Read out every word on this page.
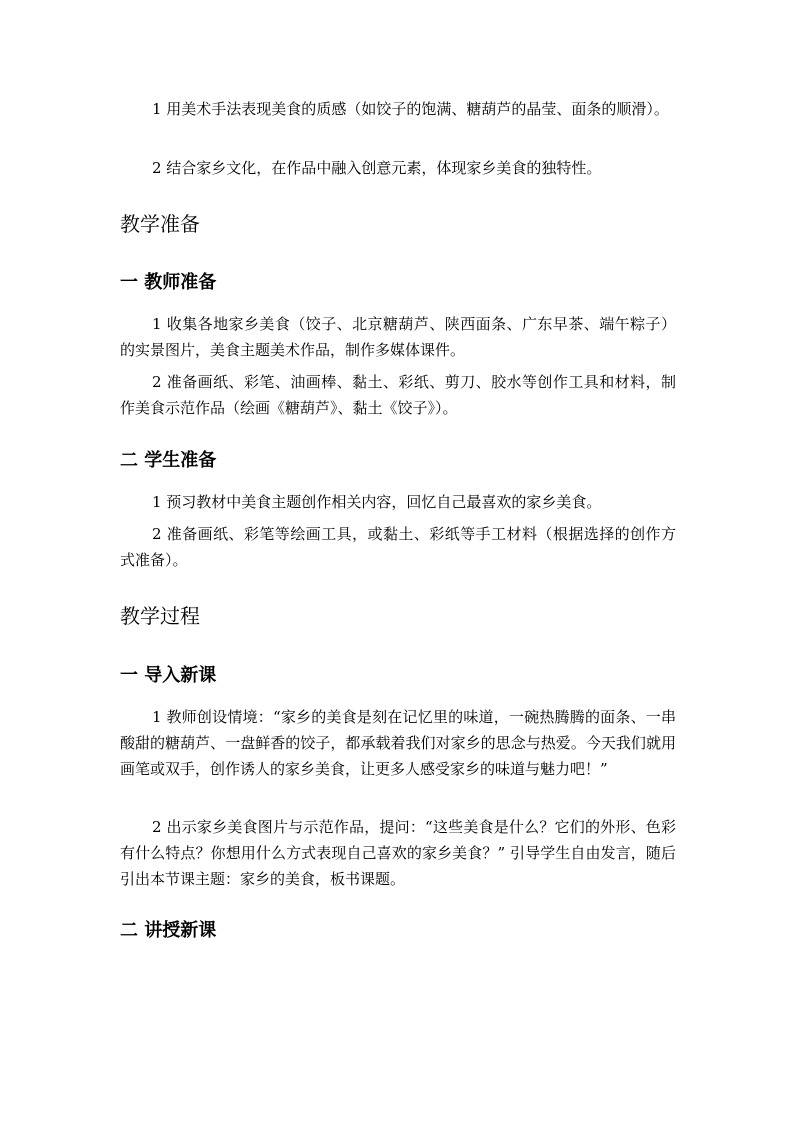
1 用美术手法表现美食的质感（如饺子的饱满、糖葫芦的晶莹、面条的顺滑）。

2 结合家乡文化，在作品中融入创意元素，体现家乡美食的独特性。

教学准备
一 教师准备

1 收集各地家乡美食（饺子、北京糖葫芦、陕西面条、广东早茶、端午粽子）的实景图片，美食主题美术作品，制作多媒体课件。

2 准备画纸、彩笔、油画棒、黏土、彩纸、剪刀、胶水等创作工具和材料，制作美食示范作品（绘画《糖葫芦》、黏土《饺子》）。

二 学生准备

1 预习教材中美食主题创作相关内容，回忆自己最喜欢的家乡美食。

2 准备画纸、彩笔等绘画工具，或黏土、彩纸等手工材料（根据选择的创作方式准备）。

教学过程
一 导入新课

1 教师创设情境：“家乡的美食是刻在记忆里的味道，一碗热腾腾的面条、一串酸甜的糖葫芦、一盘鲜香的饺子，都承载着我们对家乡的思念与热爱。今天我们就用画笔或双手，创作诱人的家乡美食，让更多人感受家乡的味道与魅力吧！”

2 出示家乡美食图片与示范作品，提问：“这些美食是什么？它们的外形、色彩有什么特点？你想用什么方式表现自己喜欢的家乡美食？” 引导学生自由发言，随后引出本节课主题：家乡的美食，板书课题。

二 讲授新课
